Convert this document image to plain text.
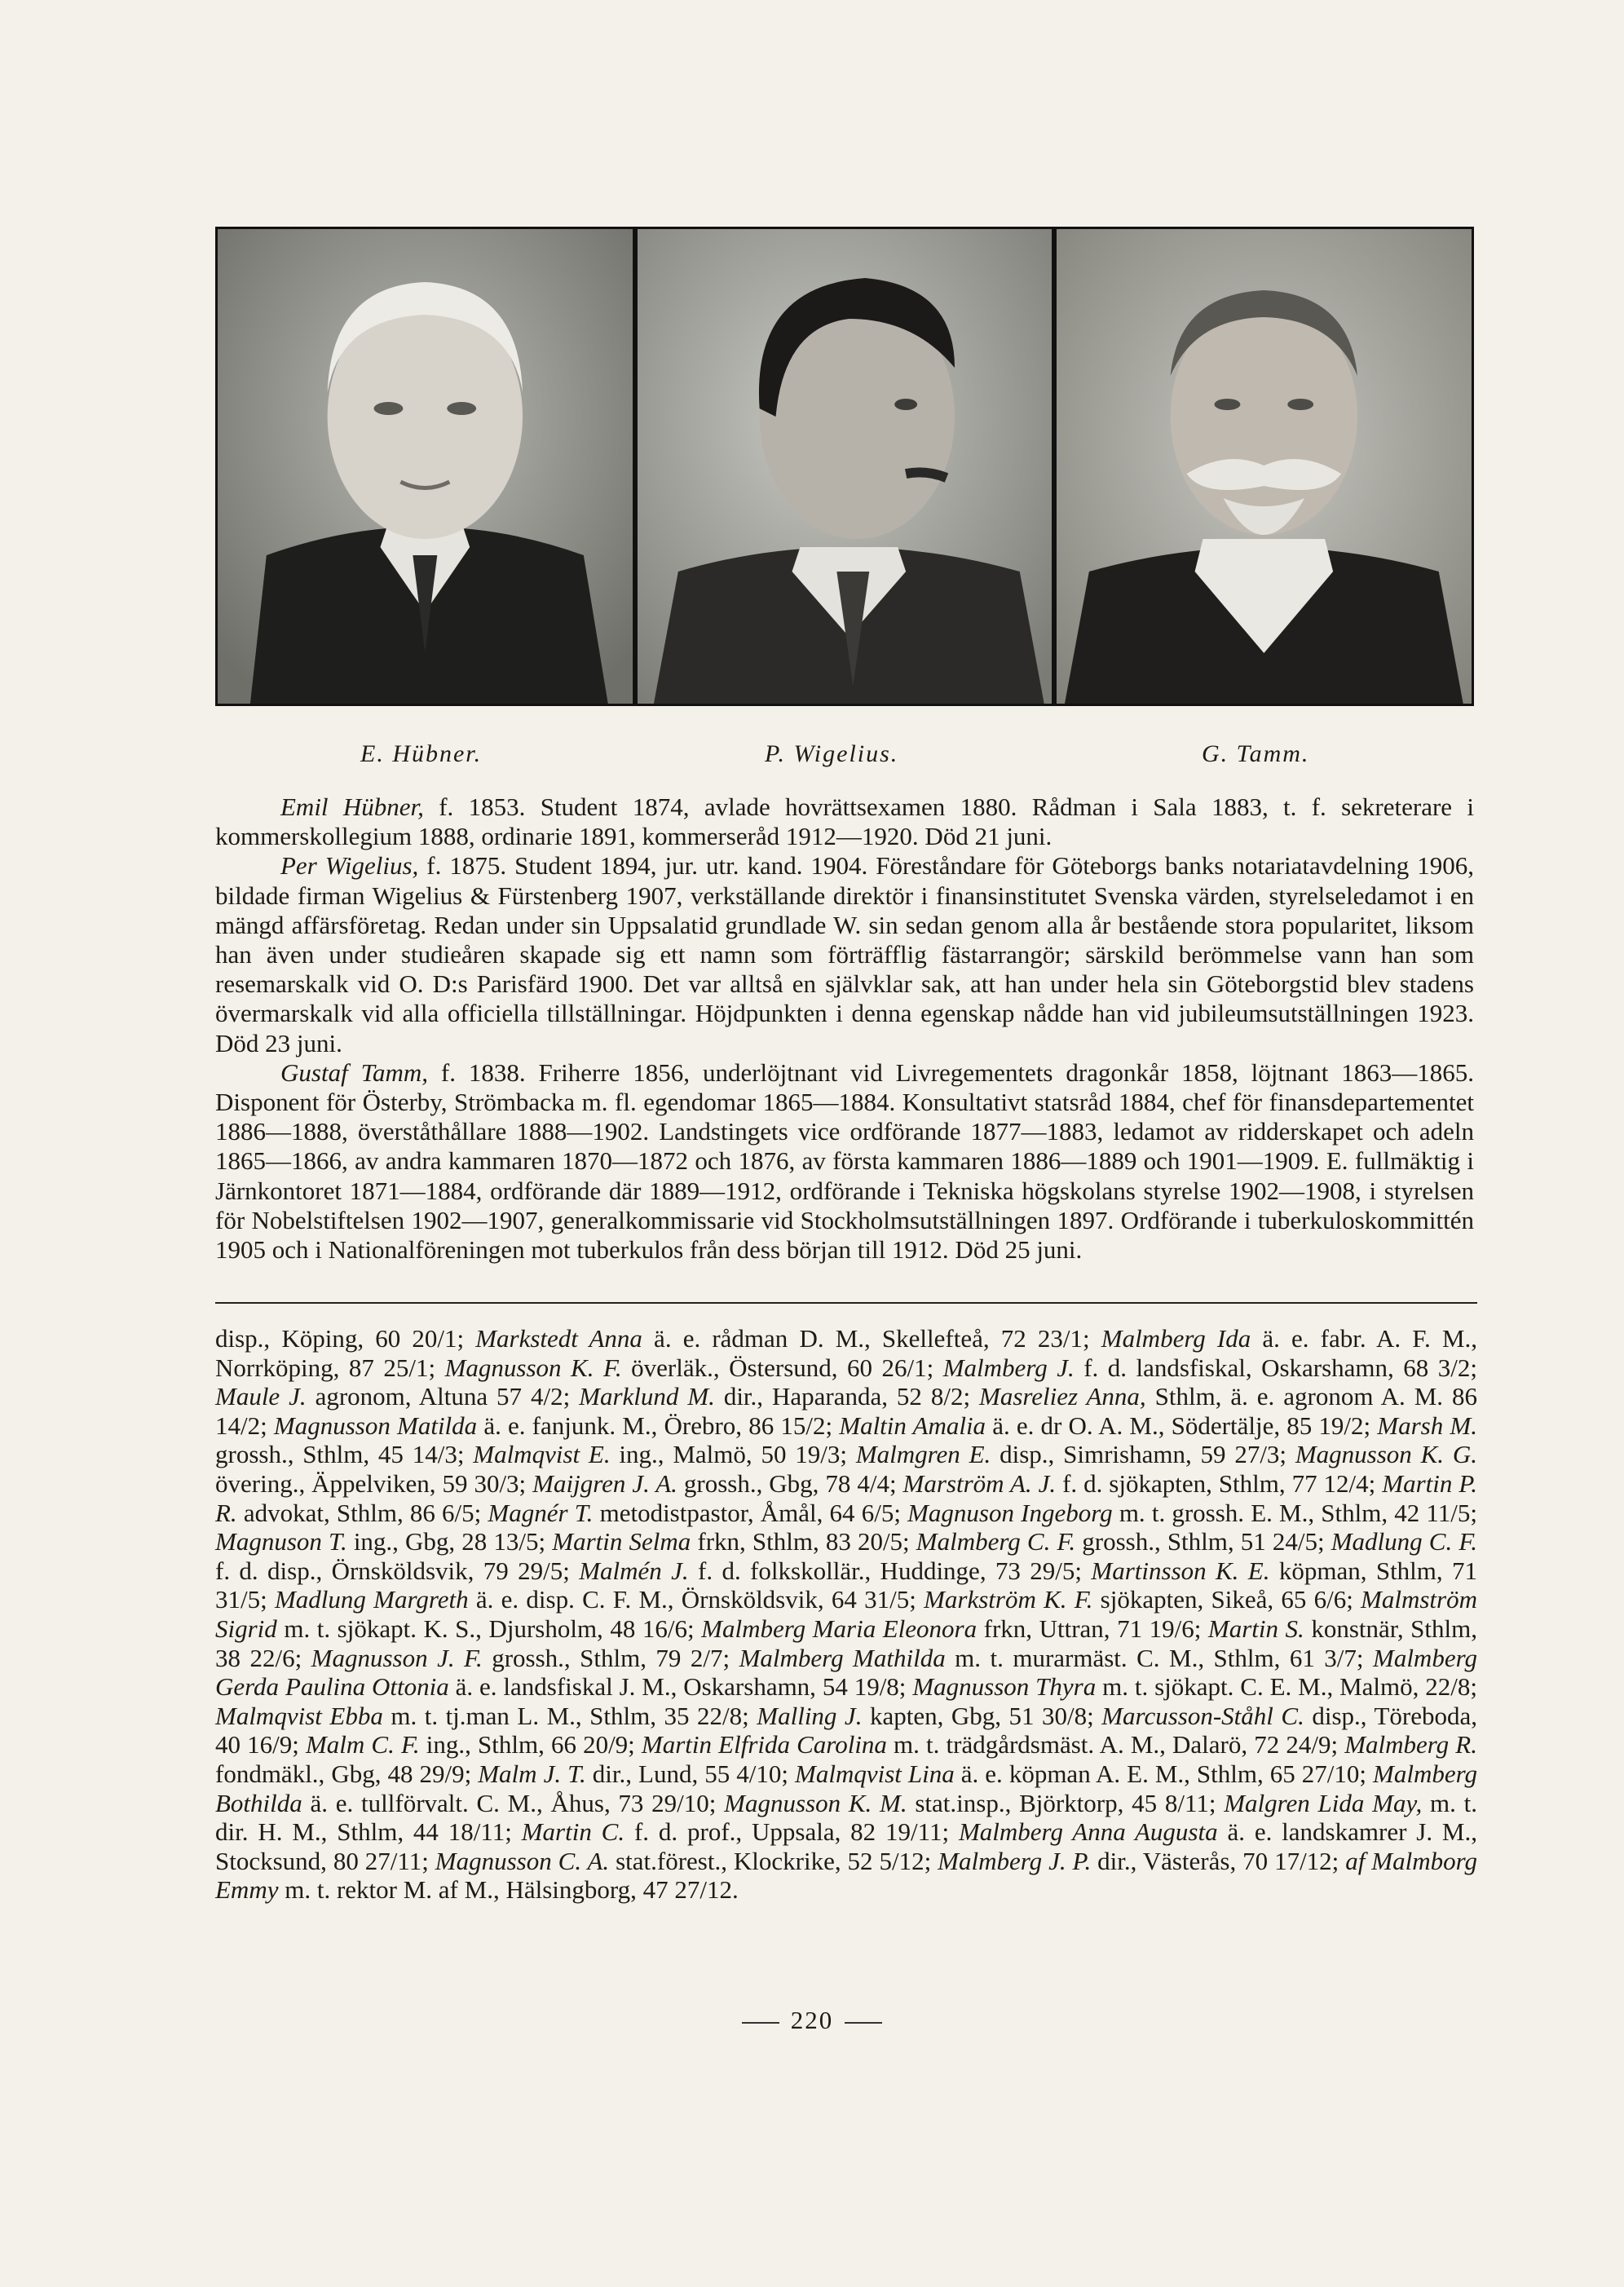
E. Hübner.	P. Wigelius.	G. Tamm.

Emil Hübner, f. 1853. Student 1874, avlade hovrättsexamen 1880. Rådman i Sala 1883, t. f. sekreterare i kommerskollegium 1888, ordinarie 1891, kommerseråd 1912—1920. Död 21 juni.

Per Wigelius, f. 1875. Student 1894, jur. utr. kand. 1904. Föreståndare för Göteborgs banks notariatavdelning 1906, bildade firman Wigelius & Fürstenberg 1907, verkställande direktör i finansinstitutet Svenska värden, styrelseledamot i en mängd affärsföretag. Redan under sin Uppsalatid grundlade W. sin sedan genom alla år bestående stora popularitet, liksom han även under studieåren skapade sig ett namn som förträfflig fästarrangör; särskild berömmelse vann han som resemarskalk vid O. D:s Parisfärd 1900. Det var alltså en självklar sak, att han under hela sin Göteborgstid blev stadens övermarskalk vid alla officiella tillställningar. Höjdpunkten i denna egenskap nådde han vid jubileumsutställningen 1923. Död 23 juni.

Gustaf Tamm, f. 1838. Friherre 1856, underlöjtnant vid Livregementets dragonkår 1858, löjtnant 1863—1865. Disponent för Österby, Strömbacka m. fl. egendomar 1865—1884. Konsultativt statsråd 1884, chef för finansdepartementet 1886—1888, överståthållare 1888—1902. Landstingets vice ordförande 1877—1883, ledamot av ridderskapet och adeln 1865—1866, av andra kammaren 1870—1872 och 1876, av första kammaren 1886—1889 och 1901—1909. E. fullmäktig i Järnkontoret 1871—1884, ordförande där 1889—1912, ordförande i Tekniska högskolans styrelse 1902—1908, i styrelsen för Nobelstiftelsen 1902—1907, generalkommissarie vid Stockholmsutställningen 1897. Ordförande i tuberkuloskommittén 1905 och i Nationalföreningen mot tuberkulos från dess början till 1912. Död 25 juni.

disp., Köping, 60 20/1; Markstedt Anna ä. e. rådman D. M., Skellefteå, 72 23/1; Malmberg Ida ä. e. fabr. A. F. M., Norrköping, 87 25/1; Magnusson K. F. överläk., Östersund, 60 26/1; Malmberg J. f. d. landsfiskal, Oskarshamn, 68 3/2; Maule J. agronom, Altuna 57 4/2; Marklund M. dir., Haparanda, 52 8/2; Masreliez Anna, Sthlm, ä. e. agronom A. M. 86 14/2; Magnusson Matilda ä. e. fanjunk. M., Örebro, 86 15/2; Maltin Amalia ä. e. dr O. A. M., Södertälje, 85 19/2; Marsh M. grossh., Sthlm, 45 14/3; Malmqvist E. ing., Malmö, 50 19/3; Malmgren E. disp., Simrishamn, 59 27/3; Magnusson K. G. övering., Äppelviken, 59 30/3; Maijgren J. A. grossh., Gbg, 78 4/4; Marström A. J. f. d. sjökapten, Sthlm, 77 12/4; Martin P. R. advokat, Sthlm, 86 6/5; Magnér T. metodistpastor, Åmål, 64 6/5; Magnuson Ingeborg m. t. grossh. E. M., Sthlm, 42 11/5; Magnuson T. ing., Gbg, 28 13/5; Martin Selma frkn, Sthlm, 83 20/5; Malmberg C. F. grossh., Sthlm, 51 24/5; Madlung C. F. f. d. disp., Örnsköldsvik, 79 29/5; Malmén J. f. d. folkskollär., Huddinge, 73 29/5; Martinsson K. E. köpman, Sthlm, 71 31/5; Madlung Margreth ä. e. disp. C. F. M., Örnsköldsvik, 64 31/5; Markström K. F. sjökapten, Sikeå, 65 6/6; Malmström Sigrid m. t. sjökapt. K. S., Djursholm, 48 16/6; Malmberg Maria Eleonora frkn, Uttran, 71 19/6; Martin S. konstnär, Sthlm, 38 22/6; Magnusson J. F. grossh., Sthlm, 79 2/7; Malmberg Mathilda m. t. murarmäst. C. M., Sthlm, 61 3/7; Malmberg Gerda Paulina Ottonia ä. e. landsfiskal J. M., Oskarshamn, 54 19/8; Magnusson Thyra m. t. sjökapt. C. E. M., Malmö, 22/8; Malmqvist Ebba m. t. tj.man L. M., Sthlm, 35 22/8; Malling J. kapten, Gbg, 51 30/8; Marcusson-Ståhl C. disp., Töreboda, 40 16/9; Malm C. F. ing., Sthlm, 66 20/9; Martin Elfrida Carolina m. t. trädgårdsmäst. A. M., Dalarö, 72 24/9; Malmberg R. fondmäkl., Gbg, 48 29/9; Malm J. T. dir., Lund, 55 4/10; Malmqvist Lina ä. e. köpman A. E. M., Sthlm, 65 27/10; Malmberg Bothilda ä. e. tullförvalt. C. M., Åhus, 73 29/10; Magnusson K. M. stat.insp., Björktorp, 45 8/11; Malgren Lida May, m. t. dir. H. M., Sthlm, 44 18/11; Martin C. f. d. prof., Uppsala, 82 19/11; Malmberg Anna Augusta ä. e. landskamrer J. M., Stocksund, 80 27/11; Magnusson C. A. stat.förest., Klockrike, 52 5/12; Malmberg J. P. dir., Västerås, 70 17/12; af Malmborg Emmy m. t. rektor M. af M., Hälsingborg, 47 27/12.

220
